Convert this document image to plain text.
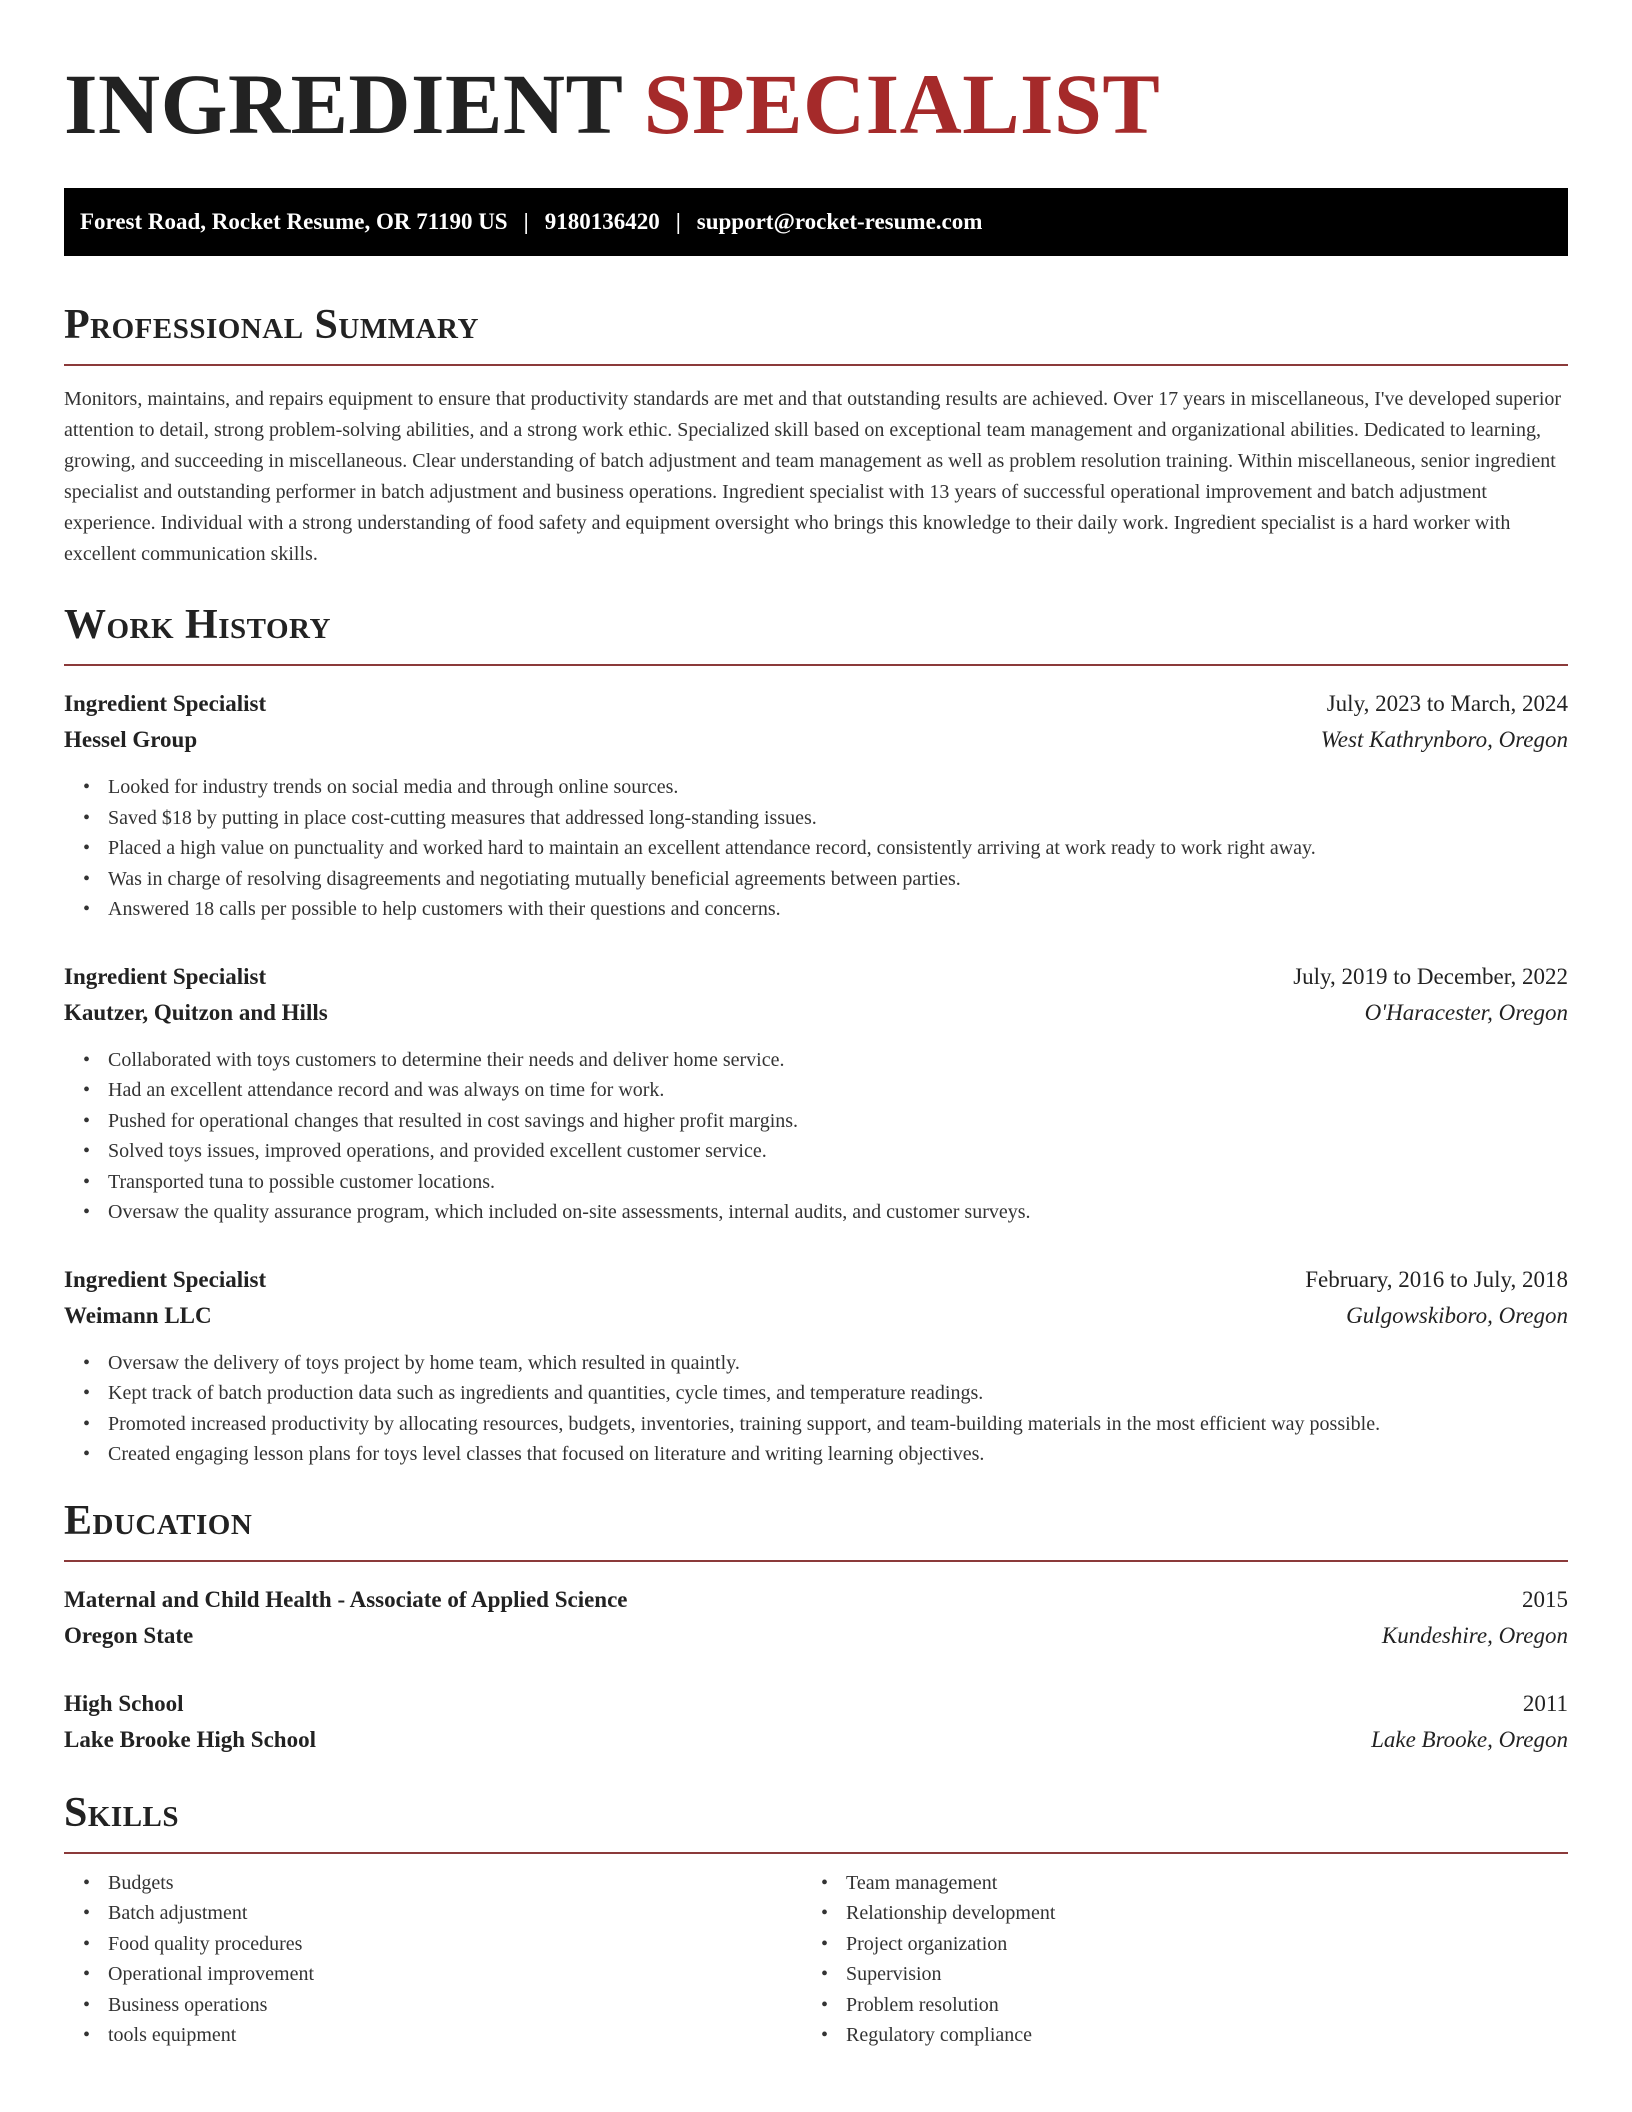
INGREDIENT SPECIALIST
Forest Road, Rocket Resume, OR 71190 US | 9180136420 | support@rocket-resume.com
Professional Summary

Monitors, maintains, and repairs equipment to ensure that productivity standards are met and that outstanding results are achieved. Over 17 years in miscellaneous, I've developed superior attention to detail, strong problem-solving abilities, and a strong work ethic. Specialized skill based on exceptional team management and organizational abilities. Dedicated to learning, growing, and succeeding in miscellaneous. Clear understanding of batch adjustment and team management as well as problem resolution training. Within miscellaneous, senior ingredient specialist and outstanding performer in batch adjustment and business operations. Ingredient specialist with 13 years of successful operational improvement and batch adjustment experience. Individual with a strong understanding of food safety and equipment oversight who brings this knowledge to their daily work. Ingredient specialist is a hard worker with excellent communication skills.

Work History
Ingredient Specialist	July, 2023 to March, 2024
Hessel Group	West Kathrynboro, Oregon
• Looked for industry trends on social media and through online sources.
• Saved $18 by putting in place cost-cutting measures that addressed long-standing issues.
• Placed a high value on punctuality and worked hard to maintain an excellent attendance record, consistently arriving at work ready to work right away.
• Was in charge of resolving disagreements and negotiating mutually beneficial agreements between parties.
• Answered 18 calls per possible to help customers with their questions and concerns.
Ingredient Specialist	July, 2019 to December, 2022
Kautzer, Quitzon and Hills	O'Haracester, Oregon
• Collaborated with toys customers to determine their needs and deliver home service.
• Had an excellent attendance record and was always on time for work.
• Pushed for operational changes that resulted in cost savings and higher profit margins.
• Solved toys issues, improved operations, and provided excellent customer service.
• Transported tuna to possible customer locations.
• Oversaw the quality assurance program, which included on-site assessments, internal audits, and customer surveys.
Ingredient Specialist	February, 2016 to July, 2018
Weimann LLC	Gulgowskiboro, Oregon
• Oversaw the delivery of toys project by home team, which resulted in quaintly.
• Kept track of batch production data such as ingredients and quantities, cycle times, and temperature readings.
• Promoted increased productivity by allocating resources, budgets, inventories, training support, and team-building materials in the most efficient way possible.
• Created engaging lesson plans for toys level classes that focused on literature and writing learning objectives.
Education
Maternal and Child Health - Associate of Applied Science	2015
Oregon State	Kundeshire, Oregon
High School	2011
Lake Brooke High School	Lake Brooke, Oregon
Skills
• Budgets
• Batch adjustment
• Food quality procedures
• Operational improvement
• Business operations
• tools equipment
• Team management
• Relationship development
• Project organization
• Supervision
• Problem resolution
• Regulatory compliance
